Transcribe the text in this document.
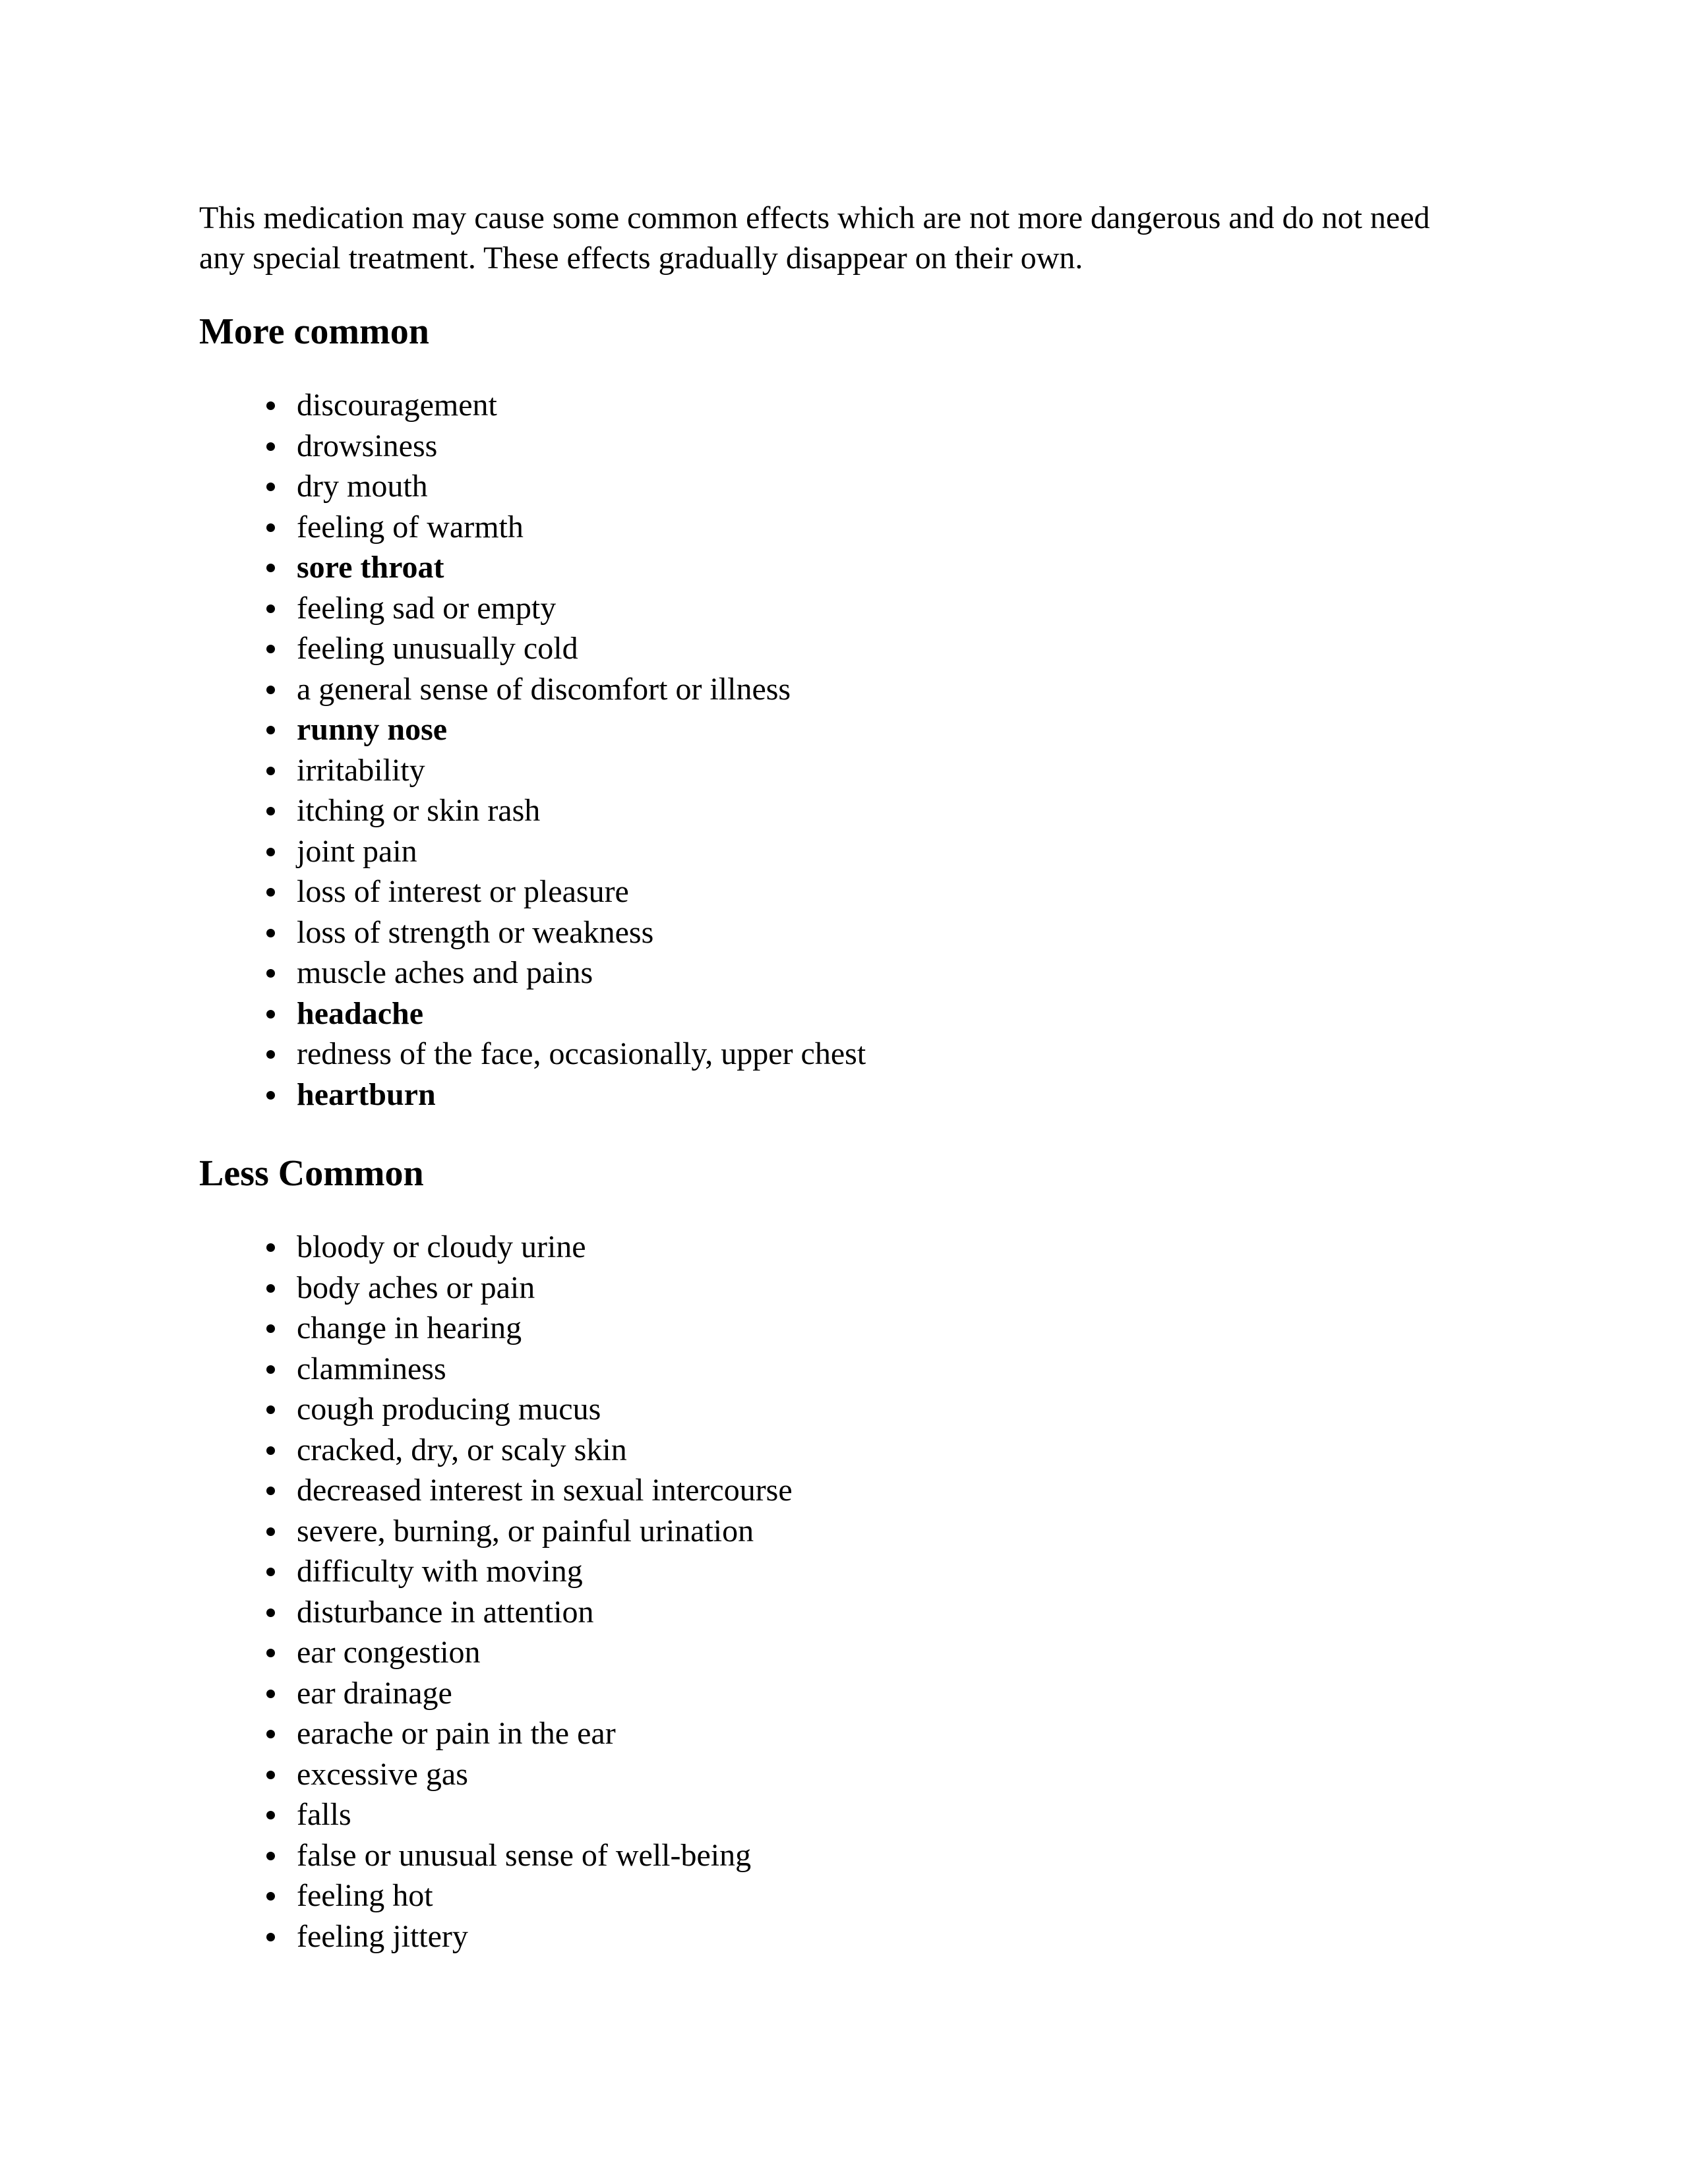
This medication may cause some common effects which are not more dangerous and do not need
any special treatment. These effects gradually disappear on their own.

More common
discouragement
drowsiness
dry mouth
feeling of warmth
sore throat
feeling sad or empty
feeling unusually cold
a general sense of discomfort or illness
runny nose
irritability
itching or skin rash
joint pain
loss of interest or pleasure
loss of strength or weakness
muscle aches and pains
headache
redness of the face, occasionally, upper chest
heartburn
Less Common
bloody or cloudy urine
body aches or pain
change in hearing
clamminess
cough producing mucus
cracked, dry, or scaly skin
decreased interest in sexual intercourse
severe, burning, or painful urination
difficulty with moving
disturbance in attention
ear congestion
ear drainage
earache or pain in the ear
excessive gas
falls
false or unusual sense of well-being
feeling hot
feeling jittery
